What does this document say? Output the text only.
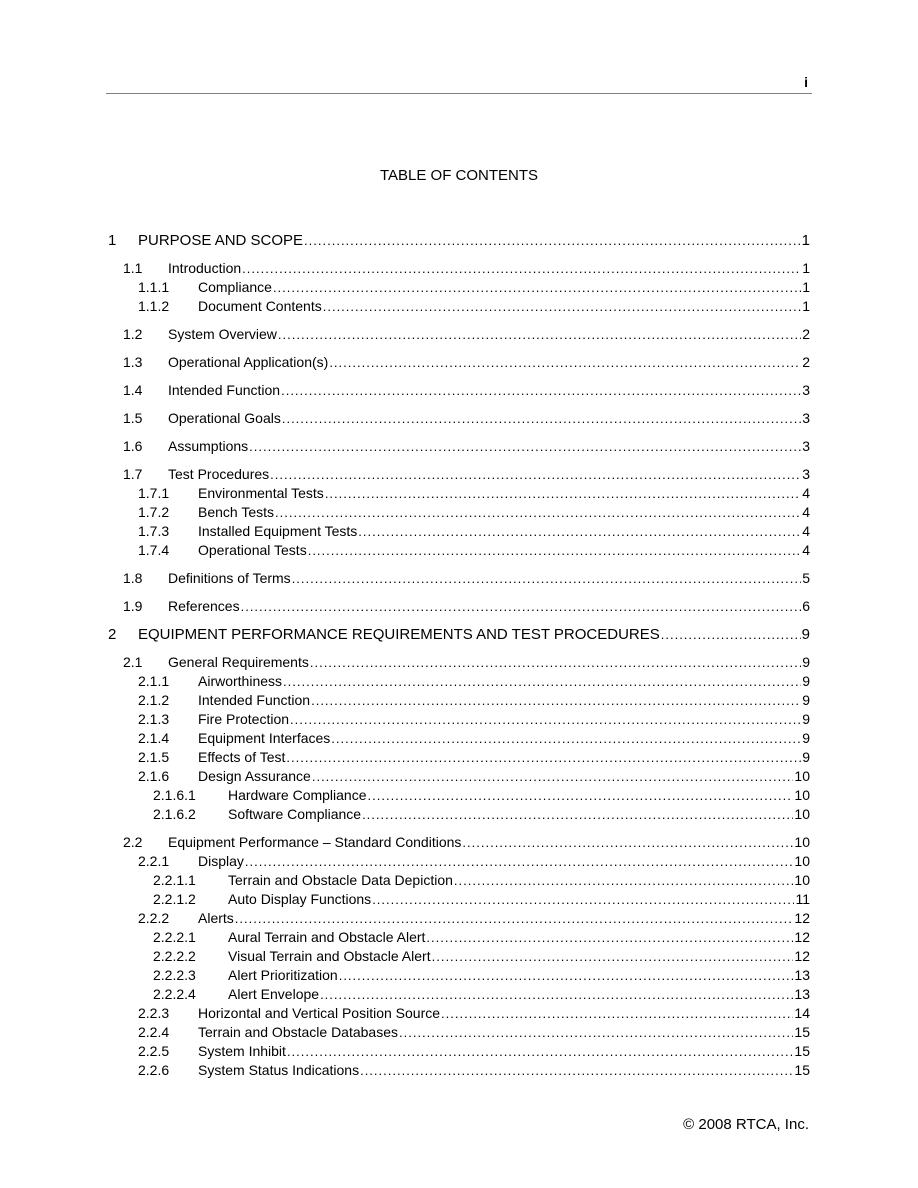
i
TABLE OF CONTENTS
1	PURPOSE AND SCOPE .....	1
1.1	Introduction .....	1
1.1.1	Compliance .....	1
1.1.2	Document Contents .....	1
1.2	System Overview .....	2
1.3	Operational Application(s) .....	2
1.4	Intended Function .....	3
1.5	Operational Goals .....	3
1.6	Assumptions .....	3
1.7	Test Procedures .....	3
1.7.1	Environmental Tests .....	4
1.7.2	Bench Tests .....	4
1.7.3	Installed Equipment Tests .....	4
1.7.4	Operational Tests .....	4
1.8	Definitions of Terms .....	5
1.9	References .....	6
2	EQUIPMENT PERFORMANCE REQUIREMENTS AND TEST PROCEDURES .....	9
2.1	General Requirements .....	9
2.1.1	Airworthiness .....	9
2.1.2	Intended Function .....	9
2.1.3	Fire Protection .....	9
2.1.4	Equipment Interfaces .....	9
2.1.5	Effects of Test .....	9
2.1.6	Design Assurance .....	10
2.1.6.1	Hardware Compliance .....	10
2.1.6.2	Software Compliance .....	10
2.2	Equipment Performance – Standard Conditions .....	10
2.2.1	Display .....	10
2.2.1.1	Terrain and Obstacle Data Depiction .....	10
2.2.1.2	Auto Display Functions .....	11
2.2.2	Alerts .....	12
2.2.2.1	Aural Terrain and Obstacle Alert .....	12
2.2.2.2	Visual Terrain and Obstacle Alert .....	12
2.2.2.3	Alert Prioritization .....	13
2.2.2.4	Alert Envelope .....	13
2.2.3	Horizontal and Vertical Position Source .....	14
2.2.4	Terrain and Obstacle Databases .....	15
2.2.5	System Inhibit .....	15
2.2.6	System Status Indications .....	15
© 2008 RTCA, Inc.
